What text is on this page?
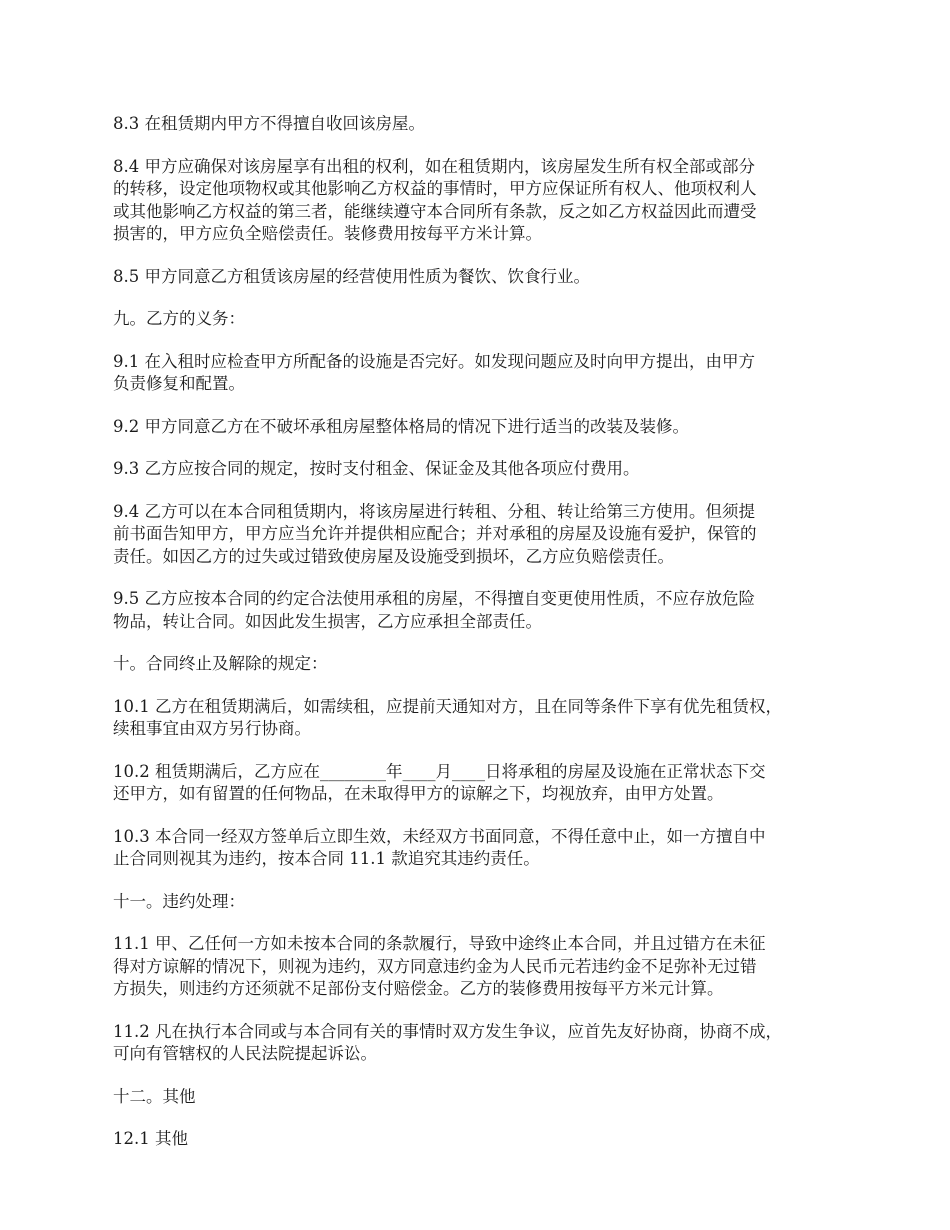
8.3 在租赁期内甲方不得擅自收回该房屋。

8.4 甲方应确保对该房屋享有出租的权利，如在租赁期内，该房屋发生所有权全部或部分
的转移，设定他项物权或其他影响乙方权益的事情时，甲方应保证所有权人、他项权利人
或其他影响乙方权益的第三者，能继续遵守本合同所有条款，反之如乙方权益因此而遭受
损害的，甲方应负全赔偿责任。装修费用按每平方米计算。

8.5 甲方同意乙方租赁该房屋的经营使用性质为餐饮、饮食行业。

九。乙方的义务：

9.1 在入租时应检查甲方所配备的设施是否完好。如发现问题应及时向甲方提出，由甲方
负责修复和配置。

9.2 甲方同意乙方在不破坏承租房屋整体格局的情况下进行适当的改装及装修。

9.3 乙方应按合同的规定，按时支付租金、保证金及其他各项应付费用。

9.4 乙方可以在本合同租赁期内，将该房屋进行转租、分租、转让给第三方使用。但须提
前书面告知甲方，甲方应当允许并提供相应配合；并对承租的房屋及设施有爱护，保管的
责任。如因乙方的过失或过错致使房屋及设施受到损坏，乙方应负赔偿责任。

9.5 乙方应按本合同的约定合法使用承租的房屋，不得擅自变更使用性质，不应存放危险
物品，转让合同。如因此发生损害，乙方应承担全部责任。

十。合同终止及解除的规定：

10.1 乙方在租赁期满后，如需续租，应提前天通知对方，且在同等条件下享有优先租赁权，
续租事宜由双方另行协商。

10.2 租赁期满后，乙方应在________年____月____日将承租的房屋及设施在正常状态下交
还甲方，如有留置的任何物品，在未取得甲方的谅解之下，均视放弃，由甲方处置。

10.3 本合同一经双方签单后立即生效，未经双方书面同意，不得任意中止，如一方擅自中
止合同则视其为违约，按本合同 11.1 款追究其违约责任。

十一。违约处理：

11.1 甲、乙任何一方如未按本合同的条款履行，导致中途终止本合同，并且过错方在未征
得对方谅解的情况下，则视为违约，双方同意违约金为人民币元若违约金不足弥补无过错
方损失，则违约方还须就不足部份支付赔偿金。乙方的装修费用按每平方米元计算。

11.2 凡在执行本合同或与本合同有关的事情时双方发生争议，应首先友好协商，协商不成，
可向有管辖权的人民法院提起诉讼。

十二。其他

12.1 其他
